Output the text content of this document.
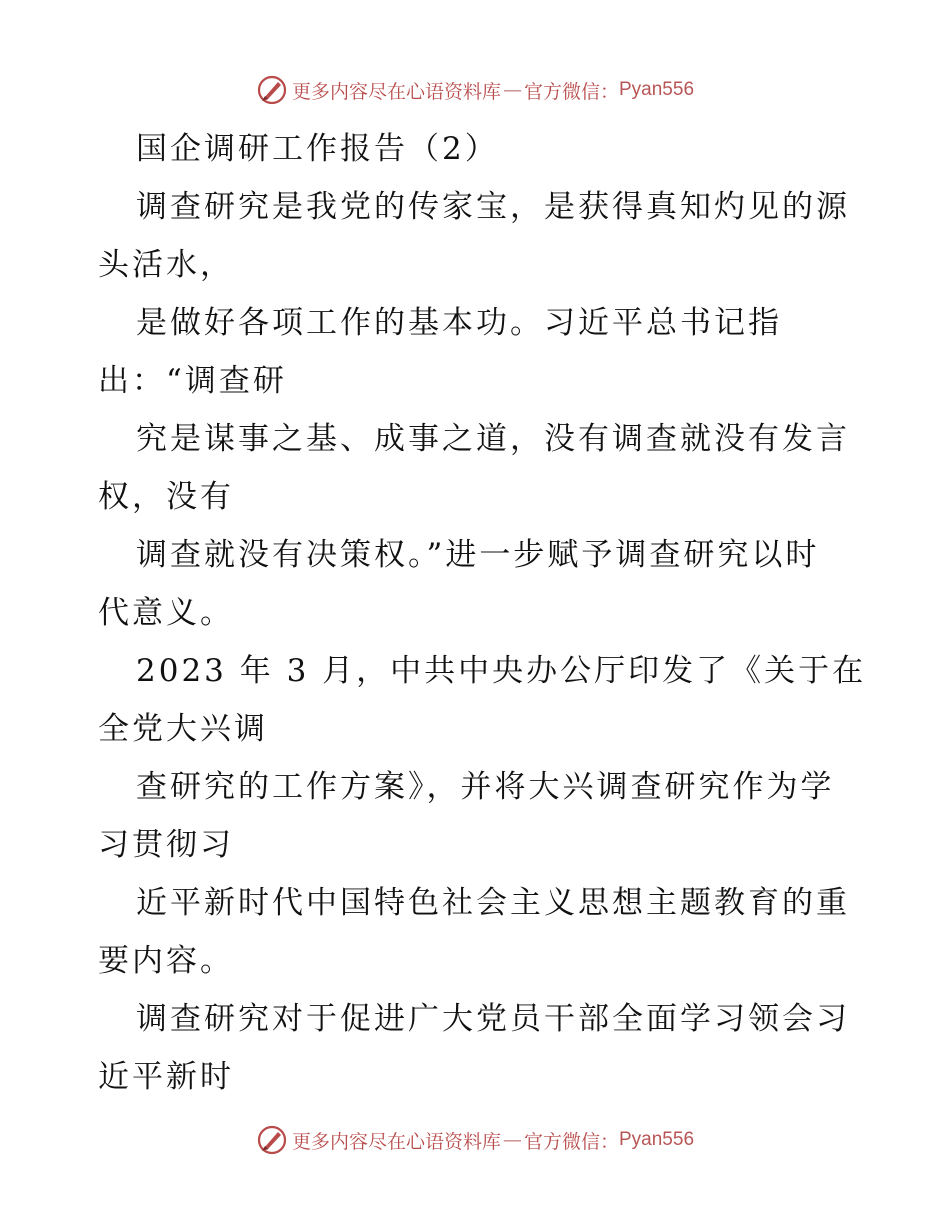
更多内容尽在心语资料库 — 官方微信： Pyan556
国企调研工作报告（2）
调查研究是我党的传家宝，是获得真知灼见的源
头活水，
是做好各项工作的基本功。习近平总书记指
出：“调查研
究是谋事之基、成事之道，没有调查就没有发言
权，没有
调查就没有决策权。”进一步赋予调查研究以时
代意义。
2023 年 3 月，中共中央办公厅印发了《关于在
全党大兴调
查研究的工作方案》，并将大兴调查研究作为学
习贯彻习
近平新时代中国特色社会主义思想主题教育的重
要内容。
调查研究对于促进广大党员干部全面学习领会习
近平新时
更多内容尽在心语资料库 — 官方微信： Pyan556
